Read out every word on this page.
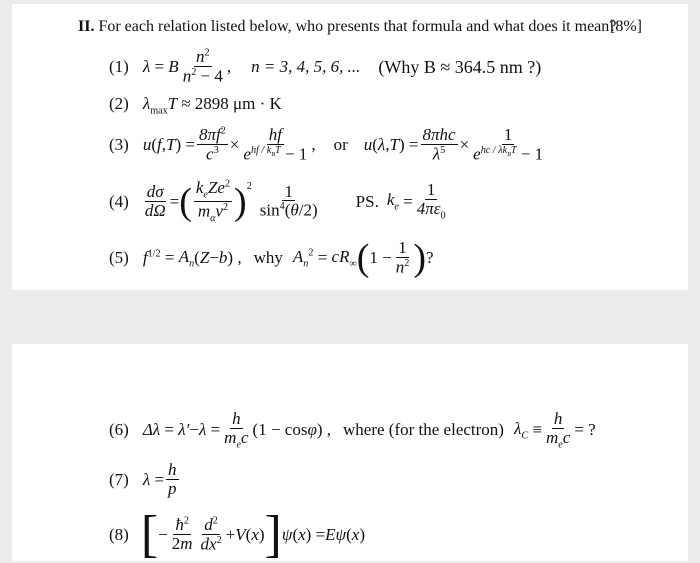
II. For each relation listed below, who presents that formula and what does it mean?
[8%]
(1) λ = B $\frac{n^2}{n^2 - 4}$ , n = 3, 4, 5, 6, ... (Why B ≈ 364.5 nm ?)
(2) $\lambda_{max}T \approx 2898$ μm · K
(3) u ( f , T ) = $\frac{8\pi f^2}{c^3} \times \frac{hf}{e^{hf / k_BT} - 1}$ , or u ( λ , T ) = $\frac{\text{8πhc}}{\lambda^5} \times \frac{1}{e^{hc / \lambda k_BT} - 1}$
$(4) \frac{d\sigma}{d\Omega}$ = ( $\frac{k_eZe^2}{m_\alpha v^2} )^2 \frac{1}{\sin^4(\theta/2)}$ PS. $k_e = \frac{1}{4\pi\varepsilon_0}$
(5) $f^{1/2} = A_n$ ( Z − b ) , why $A_n^2 = cR_\infty$ ( $1 - \frac{1}{n^2}$ ) ?
(6) $\Delta\lambda = \lambda' - \lambda = \frac{h}{m_ec} (1 - \cos \varphi$ ) , where (for the electron) $\lambda_C \equiv \frac{h}{m_ec}$ = ?
(7) $\lambda = \frac{h}{p}$
(8) [ − $\frac{ħ^2}{2m} \frac{d^2}{dx^2} + V$ ( x ) ] ψ ( x ) = Eψ ( x )
